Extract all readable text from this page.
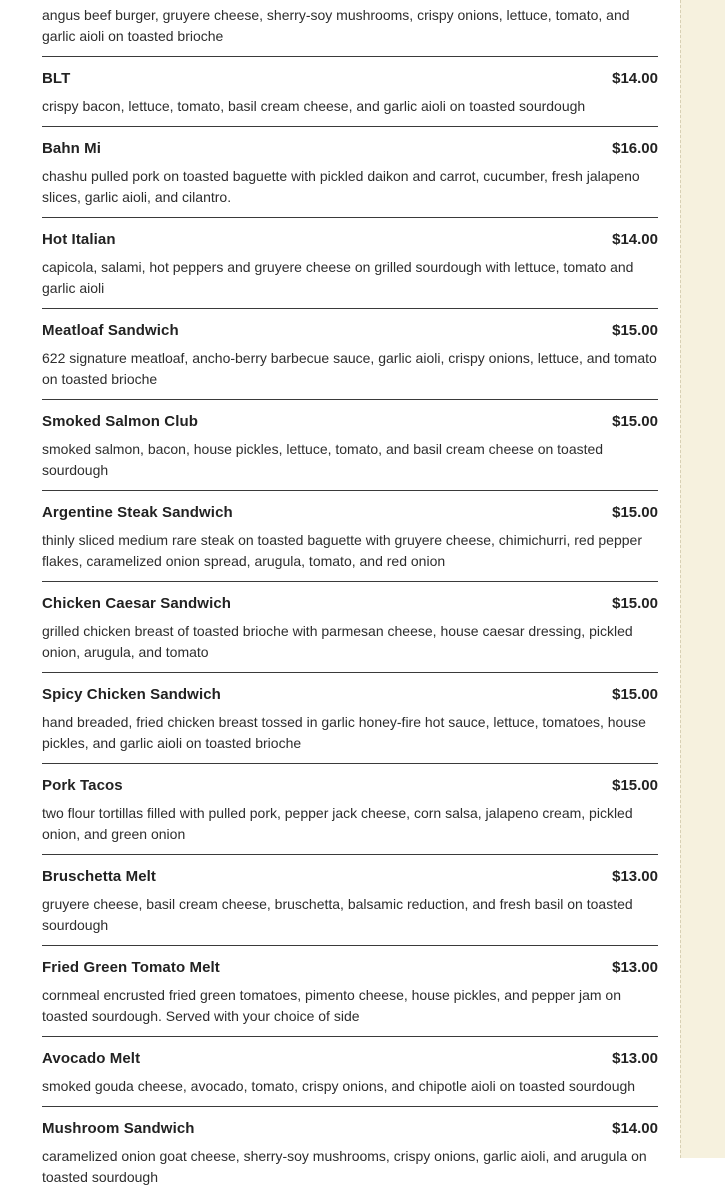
angus beef burger, gruyere cheese, sherry-soy mushrooms, crispy onions, lettuce, tomato, and garlic aioli on toasted brioche
BLT	$14.00
crispy bacon, lettuce, tomato, basil cream cheese, and garlic aioli on toasted sourdough
Bahn Mi	$16.00
chashu pulled pork on toasted baguette with pickled daikon and carrot, cucumber, fresh jalapeno slices, garlic aioli, and cilantro.
Hot Italian	$14.00
capicola, salami, hot peppers and gruyere cheese on grilled sourdough with lettuce, tomato and garlic aioli
Meatloaf Sandwich	$15.00
622 signature meatloaf, ancho-berry barbecue sauce, garlic aioli, crispy onions, lettuce, and tomato on toasted brioche
Smoked Salmon Club	$15.00
smoked salmon, bacon, house pickles, lettuce, tomato, and basil cream cheese on toasted sourdough
Argentine Steak Sandwich	$15.00
thinly sliced medium rare steak on toasted baguette with gruyere cheese, chimichurri, red pepper flakes, caramelized onion spread, arugula, tomato, and red onion
Chicken Caesar Sandwich	$15.00
grilled chicken breast of toasted brioche with parmesan cheese, house caesar dressing, pickled onion, arugula, and tomato
Spicy Chicken Sandwich	$15.00
hand breaded, fried chicken breast tossed in garlic honey-fire hot sauce, lettuce, tomatoes, house pickles, and garlic aioli on toasted brioche
Pork Tacos	$15.00
two flour tortillas filled with pulled pork, pepper jack cheese, corn salsa, jalapeno cream, pickled onion, and green onion
Bruschetta Melt	$13.00
gruyere cheese, basil cream cheese, bruschetta, balsamic reduction, and fresh basil on toasted sourdough
Fried Green Tomato Melt	$13.00
cornmeal encrusted fried green tomatoes, pimento cheese, house pickles, and pepper jam on toasted sourdough. Served with your choice of side
Avocado Melt	$13.00
smoked gouda cheese, avocado, tomato, crispy onions, and chipotle aioli on toasted sourdough
Mushroom Sandwich	$14.00
caramelized onion goat cheese, sherry-soy mushrooms, crispy onions, garlic aioli, and arugula on toasted sourdough
